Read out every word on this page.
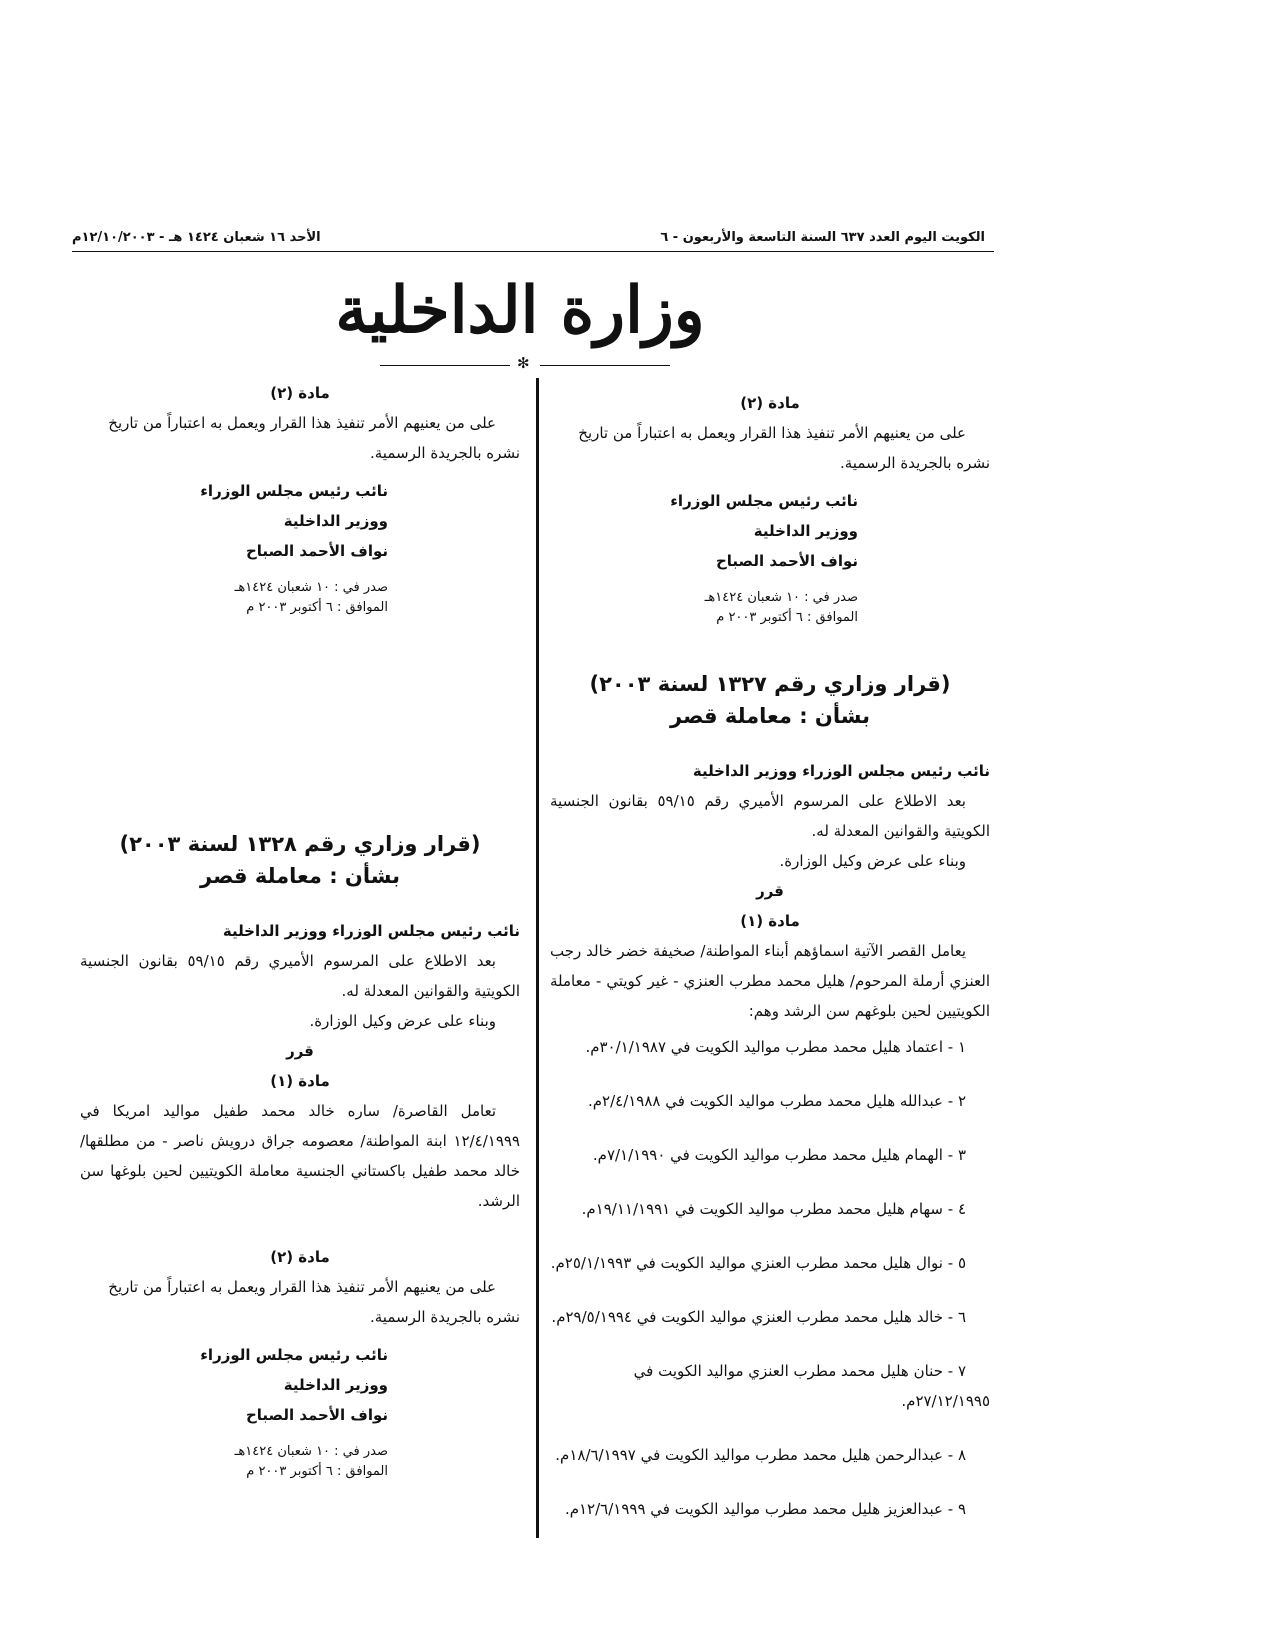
الكويت اليوم العدد ٦٣٧ السنة التاسعة والأربعون - ٦
الأحد ١٦ شعبان ١٤٢٤ هـ - ١٢/١٠/٢٠٠٣م
وزارة الداخلية
✻

مادة (٢)

على من يعنيهم الأمر تنفيذ هذا القرار ويعمل به اعتباراً من تاريخ نشره بالجريدة الرسمية.

نائب رئيس مجلس الوزراء

ووزير الداخلية

نواف الأحمد الصباح

صدر في : ١٠ شعبان ١٤٢٤هـ

الموافق : ٦ أكتوبر ٢٠٠٣ م

(قرار وزاري رقم ١٣٢٧ لسنة ٢٠٠٣)

بشأن : معاملة قصر

نائب رئيس مجلس الوزراء ووزير الداخلية

بعد الاطلاع على المرسوم الأميري رقم ٥٩/١٥ بقانون الجنسية الكويتية والقوانين المعدلة له.

وبناء على عرض وكيل الوزارة.

قرر

مادة (١)

يعامل القصر الآتية اسماؤهم أبناء المواطنة/ صخيفة خضر خالد رجب العنزي أرملة المرحوم/ هليل محمد مطرب العنزي - غير كويتي - معاملة الكويتيين لحين بلوغهم سن الرشد وهم:

١ - اعتماد هليل محمد مطرب مواليد الكويت في ٣٠/١/١٩٨٧م.

٢ - عبدالله هليل محمد مطرب مواليد الكويت في ٢/٤/١٩٨٨م.

٣ - الهمام هليل محمد مطرب مواليد الكويت في ٧/١/١٩٩٠م.

٤ - سهام هليل محمد مطرب مواليد الكويت في ١٩/١١/١٩٩١م.

٥ - نوال هليل محمد مطرب العنزي مواليد الكويت في ٢٥/١/١٩٩٣م.

٦ - خالد هليل محمد مطرب العنزي مواليد الكويت في ٢٩/٥/١٩٩٤م.

٧ - حنان هليل محمد مطرب العنزي مواليد الكويت في ٢٧/١٢/١٩٩٥م.

٨ - عبدالرحمن هليل محمد مطرب مواليد الكويت في ١٨/٦/١٩٩٧م.

٩ - عبدالعزيز هليل محمد مطرب مواليد الكويت في ١٢/٦/١٩٩٩م.

مادة (٢)

على من يعنيهم الأمر تنفيذ هذا القرار ويعمل به اعتباراً من تاريخ نشره بالجريدة الرسمية.

نائب رئيس مجلس الوزراء

ووزير الداخلية

نواف الأحمد الصباح

صدر في : ١٠ شعبان ١٤٢٤هـ

الموافق : ٦ أكتوبر ٢٠٠٣ م

(قرار وزاري رقم ١٣٢٨ لسنة ٢٠٠٣)

بشأن : معاملة قصر

نائب رئيس مجلس الوزراء ووزير الداخلية

بعد الاطلاع على المرسوم الأميري رقم ٥٩/١٥ بقانون الجنسية الكويتية والقوانين المعدلة له.

وبناء على عرض وكيل الوزارة.

قرر

مادة (١)

تعامل القاصرة/ ساره خالد محمد طفيل مواليد امريكا في ١٢/٤/١٩٩٩ ابنة المواطنة/ معصومه جراق درويش ناصر - من مطلقها/ خالد محمد طفيل باكستاني الجنسية معاملة الكويتيين لحين بلوغها سن الرشد.

مادة (٢)

على من يعنيهم الأمر تنفيذ هذا القرار ويعمل به اعتباراً من تاريخ نشره بالجريدة الرسمية.

نائب رئيس مجلس الوزراء

ووزير الداخلية

نواف الأحمد الصباح

صدر في : ١٠ شعبان ١٤٢٤هـ

الموافق : ٦ أكتوبر ٢٠٠٣ م
